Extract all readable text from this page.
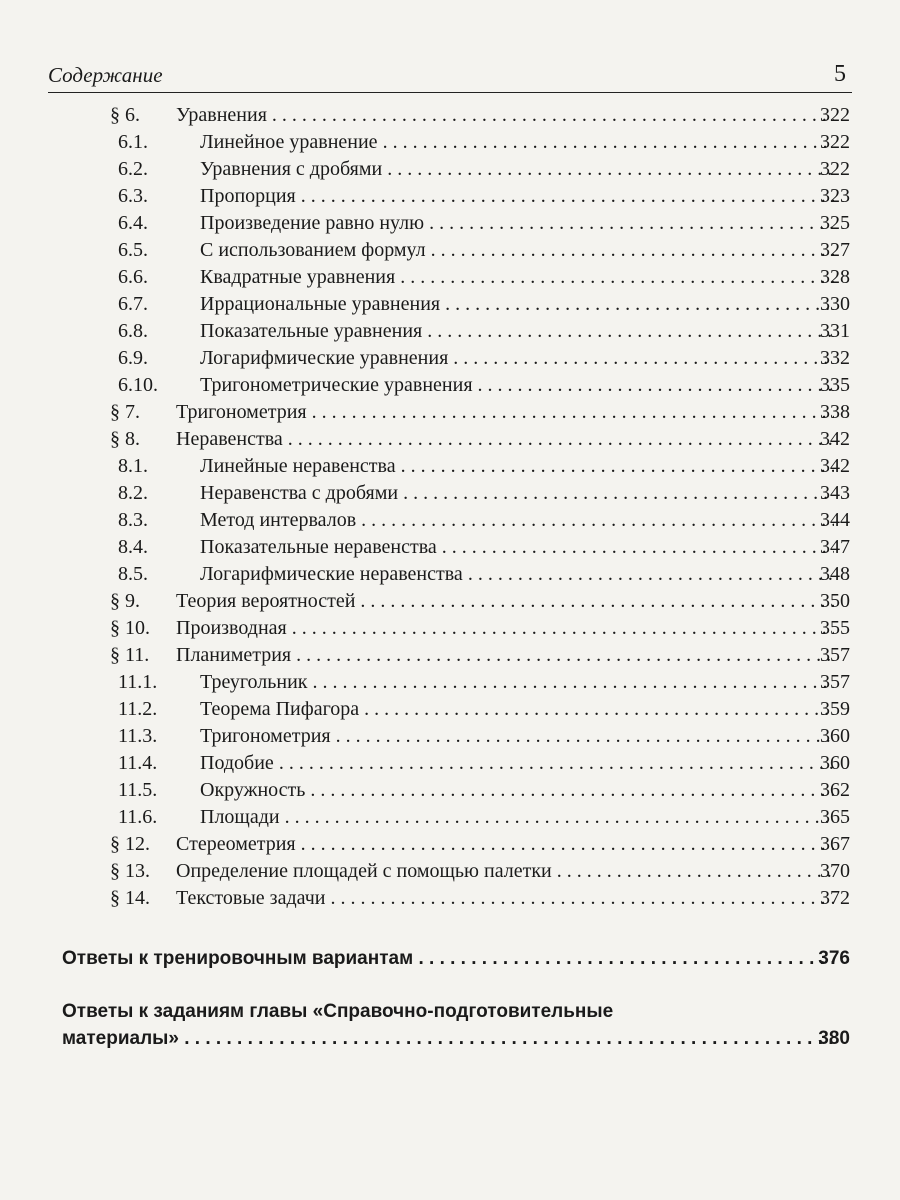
Содержание	5
§ 6. Уравнения . . .	322
6.1.	Линейное уравнение . . .	322
6.2.	Уравнения с дробями . . .	322
6.3.	Пропорция . . .	323
6.4.	Произведение равно нулю . . .	325
6.5.	С использованием формул . . .	327
6.6.	Квадратные уравнения . . .	328
6.7.	Иррациональные уравнения . . .	330
6.8.	Показательные уравнения . . .	331
6.9.	Логарифмические уравнения . . .	332
6.10. Тригонометрические уравнения . . .	335
§ 7. Тригонометрия . . .	338
§ 8. Неравенства . . .	342
8.1.	Линейные неравенства . . .	342
8.2.	Неравенства с дробями . . .	343
8.3.	Метод интервалов . . .	344
8.4.	Показательные неравенства . . .	347
8.5.	Логарифмические неравенства . . .	348
§ 9. Теория вероятностей . . .	350
§ 10. Производная . . .	355
§ 11. Планиметрия . . .	357
11.1. Треугольник . . .	357
11.2. Теорема Пифагора . . .	359
11.3. Тригонометрия . . .	360
11.4. Подобие . . .	360
11.5. Окружность . . .	362
11.6. Площади . . .	365
§ 12. Стереометрия . . .	367
§ 13. Определение площадей с помощью палетки . . .	370
§ 14. Текстовые задачи . . .	372
Ответы к тренировочным вариантам . . .	376
Ответы к заданиям главы «Справочно-подготовительные
материалы» . . .	380
